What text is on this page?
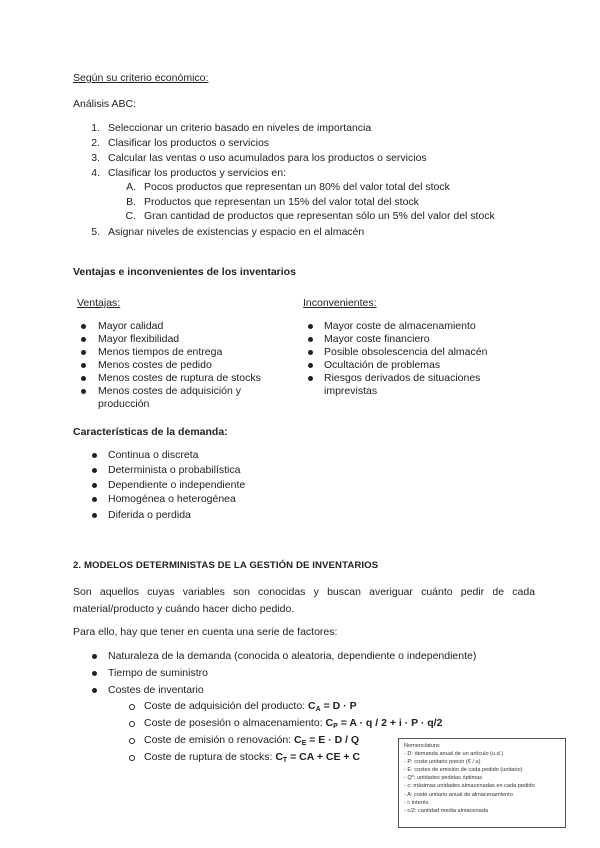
Según su criterio económico:
Análisis ABC:
1. Seleccionar un criterio basado en niveles de importancia
2. Clasificar los productos o servicios
3. Calcular las ventas o uso acumulados para los productos o servicios
4. Clasificar los productos y servicios en:
A. Pocos productos que representan un 80% del valor total del stock
B. Productos que representan un 15% del valor total del stock
C. Gran cantidad de productos que representan sólo un 5% del valor del stock
5. Asignar niveles de existencias y espacio en el almacén
Ventajas e inconvenientes de los inventarios
Ventajas:	Inconvenientes:
Mayor calidad
Mayor flexibilidad
Menos tiempos de entrega
Menos costes de pedido
Menos costes de ruptura de stocks
Menos costes de adquisición y
producción
Mayor coste de almacenamiento
Mayor coste financiero
Posible obsolescencia del almacén
Ocultación de problemas
Riesgos derivados de situaciones
imprevistas
Características de la demanda:
Continua o discreta
Determinista o probabilística
Dependiente o independiente
Homogénea o heterogénea
Diferida o perdida
2. MODELOS DETERMINISTAS DE LA GESTIÓN DE INVENTARIOS
Son aquellos cuyas variables son conocidas y buscan averiguar cuánto pedir de cada material/producto y cuándo hacer dicho pedido.
Para ello, hay que tener en cuenta una serie de factores:
Naturaleza de la demanda (conocida o aleatoria, dependiente o independiente)
Tiempo de suministro
Costes de inventario
Coste de adquisición del producto: $C_A = D \cdot P$
Coste de posesión o almacenamiento: $C_P = A \cdot q / 2 + i \cdot P \cdot q/2$
Coste de emisión o renovación: $C_E = E \cdot D / Q$
Coste de ruptura de stocks: $C_T$ = CA + CE + C
Nomenclatura:
- D: demanda anual de un artículo (u.d.)
- P: coste unitario precio (€ / u)
- E: costes de emisión de cada pedido (unitario)
- Q*: unidades pedidas óptimas
- c: máximas unidades almacenadas en cada pedido
- A: coste unitario anual de almacenamiento
- i: interés
- c/2: cantidad media almacenada
